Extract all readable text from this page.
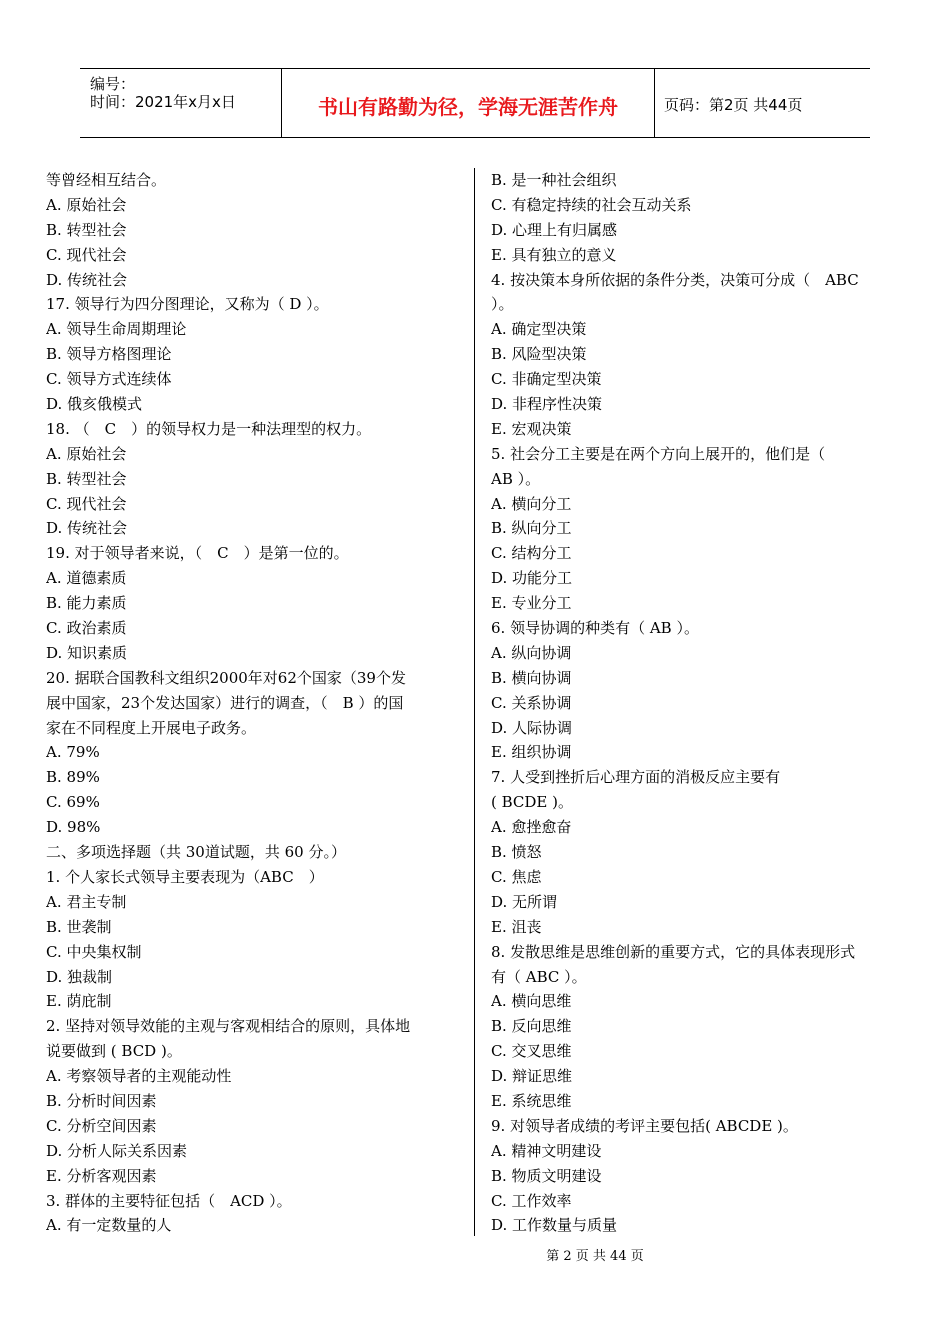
编号：
时间：2021年x月x日	书山有路勤为径，学海无涯苦作舟	页码：第2页 共44页
等曾经相互结合。
A. 原始社会
B. 转型社会
C. 现代社会
D. 传统社会
17. 领导行为四分图理论，又称为（ D ）。
A. 领导生命周期理论
B. 领导方格图理论
C. 领导方式连续体
D. 俄亥俄模式
18. （　C　）的领导权力是一种法理型的权力。
A. 原始社会
B. 转型社会
C. 现代社会
D. 传统社会
19. 对于领导者来说，（　C　）是第一位的。
A. 道德素质
B. 能力素质
C. 政治素质
D. 知识素质
20. 据联合国教科文组织2000年对62个国家（39个发
展中国家，23个发达国家）进行的调查，（　B ）的国
家在不同程度上开展电子政务。
A. 79%
B. 89%
C. 69%
D. 98%
二、多项选择题（共 30道试题，共 60 分。）
1. 个人家长式领导主要表现为（ABC　）
A. 君主专制
B. 世袭制
C. 中央集权制
D. 独裁制
E. 荫庇制
2. 坚持对领导效能的主观与客观相结合的原则，具体地
说要做到 ( BCD )。
A. 考察领导者的主观能动性
B. 分析时间因素
C. 分析空间因素
D. 分析人际关系因素
E. 分析客观因素
3. 群体的主要特征包括（　ACD ）。
A. 有一定数量的人
B. 是一种社会组织
C. 有稳定持续的社会互动关系
D. 心理上有归属感
E. 具有独立的意义
4. 按决策本身所依据的条件分类，决策可分成（　ABC
）。
A. 确定型决策
B. 风险型决策
C. 非确定型决策
D. 非程序性决策
E. 宏观决策
5. 社会分工主要是在两个方向上展开的，他们是（
AB ）。
A. 横向分工
B. 纵向分工
C. 结构分工
D. 功能分工
E. 专业分工
6. 领导协调的种类有（ AB ）。
A. 纵向协调
B. 横向协调
C. 关系协调
D. 人际协调
E. 组织协调
7. 人受到挫折后心理方面的消极反应主要有
( BCDE )。
A. 愈挫愈奋
B. 愤怒
C. 焦虑
D. 无所谓
E. 沮丧
8. 发散思维是思维创新的重要方式，它的具体表现形式
有（ ABC ）。
A. 横向思维
B. 反向思维
C. 交叉思维
D. 辩证思维
E. 系统思维
9. 对领导者成绩的考评主要包括( ABCDE )。
A. 精神文明建设
B. 物质文明建设
C. 工作效率
D. 工作数量与质量
第 2 页 共 44 页
